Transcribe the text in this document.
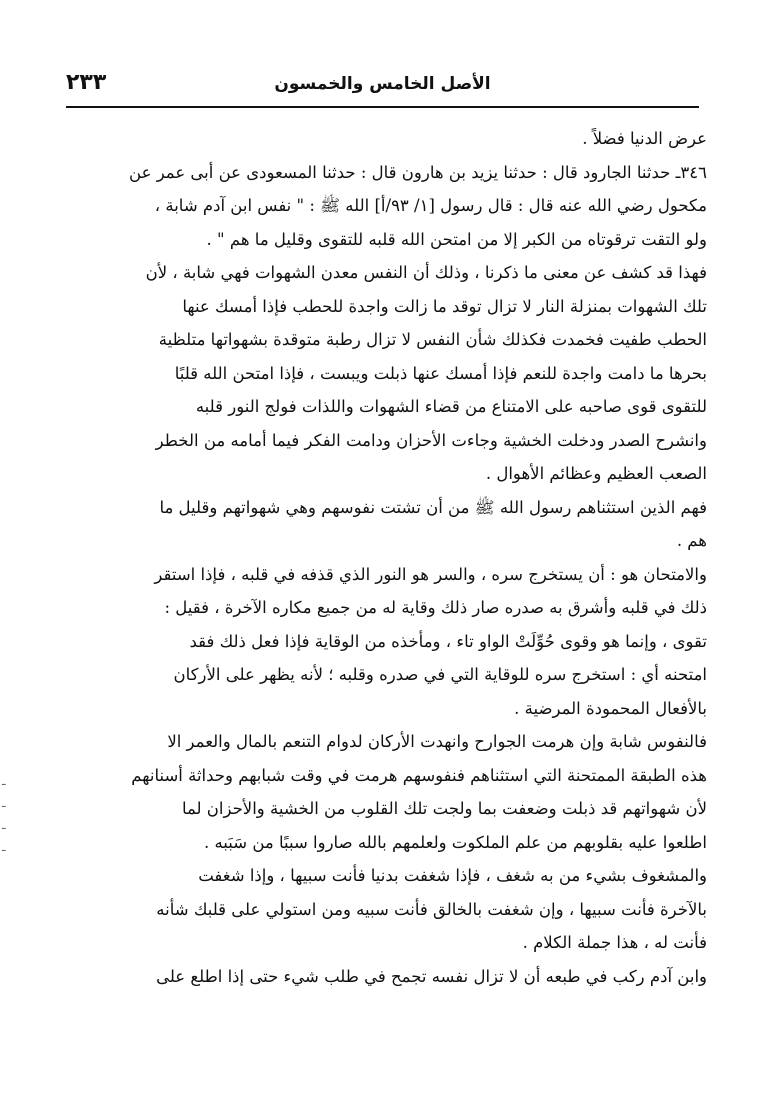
الأصل الخامس والخمسون
٢٣٣
عرض الدنيا فضلاً .
٣٤٦ـ حدثنا الجارود قال : حدثنا يزيد بن هارون قال : حدثنا المسعودى عن أبى عمر عن
مكحول رضي الله عنه قال : قال رسول [١/ ٩٣/أ] الله ﷺ : " نفس ابن آدم شابة ،
ولو التقت ترقوتاه من الكبر إلا من امتحن الله قلبه للتقوى وقليل ما هم " .
فهذا قد كشف عن معنى ما ذكرنا ، وذلك أن النفس معدن الشهوات فهي شابة ، لأن
تلك الشهوات بمنزلة النار لا تزال توقد ما زالت واجدة للحطب فإذا أمسك عنها
الحطب طفيت فخمدت فكذلك شأن النفس لا تزال رطبة متوقدة بشهواتها متلظية
بحرها ما دامت واجدة للنعم فإذا أمسك عنها ذبلت ويبست ، فإذا امتحن الله قلبًا
للتقوى قوى صاحبه على الامتناع من قضاء الشهوات واللذات فولج النور قلبه
وانشرح الصدر ودخلت الخشية وجاءت الأحزان ودامت الفكر فيما أمامه من الخطر
الصعب العظيم وعظائم الأهوال .
فهم الذين استثناهم رسول الله ﷺ من أن تشتت نفوسهم وهي شهواتهم وقليل ما
هم .
والامتحان هو : أن يستخرج سره ، والسر هو النور الذي قذفه في قلبه ، فإذا استقر
ذلك في قلبه وأشرق به صدره صار ذلك وقاية له من جميع مكاره الآخرة ، فقيل :
تقوى ، وإنما هو وقوى حُوِّلَتْ الواو تاء ، ومأخذه من الوقاية فإذا فعل ذلك فقد
امتحنه أي : استخرج سره للوقاية التي في صدره وقلبه ؛ لأنه يظهر على الأركان
بالأفعال المحمودة المرضية .
فالنفوس شابة وإن هرمت الجوارح وانهدت الأركان لدوام التنعم بالمال والعمر الا
هذه الطبقة الممتحنة التي استثناهم فنفوسهم هرمت في وقت شبابهم وحداثة أسنانهم
لأن شهواتهم قد ذبلت وضعفت بما ولجت تلك القلوب من الخشية والأحزان لما
اطلعوا عليه بقلوبهم من علم الملكوت ولعلمهم بالله صاروا سببًا من سَبَبه .
والمشغوف بشيء من به شغف ، فإذا شغفت بدنيا فأنت سبيها ، وإذا شغفت
بالآخرة فأنت سبيها ، وإن شغفت بالخالق فأنت سبيه ومن استولي على قلبك شأنه
فأنت له ، هذا جملة الكلام .
وابن آدم ركب في طبعه أن لا تزال نفسه تجمح في طلب شيء حتى إذا اطلع على
ـ
ـ
ـ
ـ
